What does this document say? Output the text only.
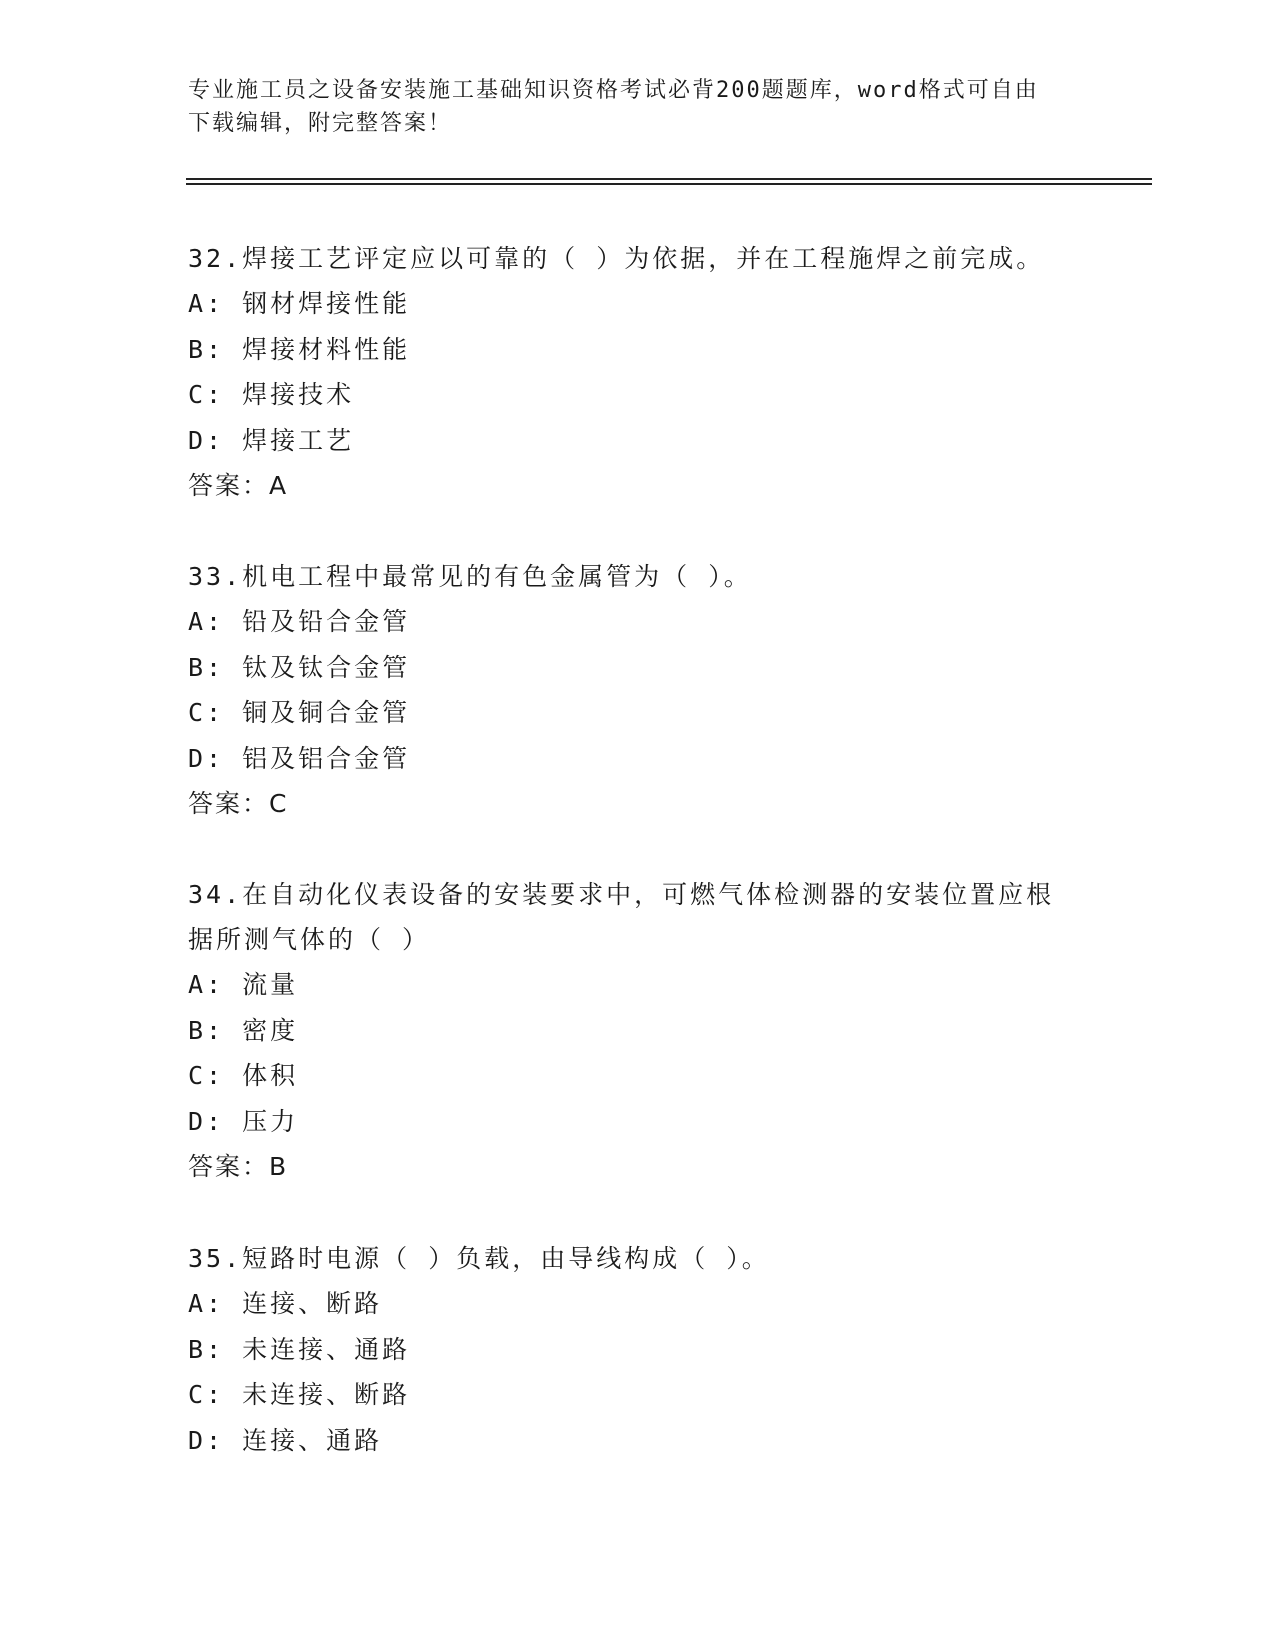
专业施工员之设备安装施工基础知识资格考试必背200题题库，word格式可自由
下载编辑，附完整答案！

32.焊接工艺评定应以可靠的（ ）为依据，并在工程施焊之前完成。

A: 钢材焊接性能

B: 焊接材料性能

C: 焊接技术

D: 焊接工艺

答案：A

33.机电工程中最常见的有色金属管为（ ）。

A: 铅及铅合金管

B: 钛及钛合金管

C: 铜及铜合金管

D: 铝及铝合金管

答案：C

34.在自动化仪表设备的安装要求中，可燃气体检测器的安装位置应根

据所测气体的（ ）

A: 流量

B: 密度

C: 体积

D: 压力

答案：B

35.短路时电源（ ）负载，由导线构成（ ）。

A: 连接、断路

B: 未连接、通路

C: 未连接、断路

D: 连接、通路
